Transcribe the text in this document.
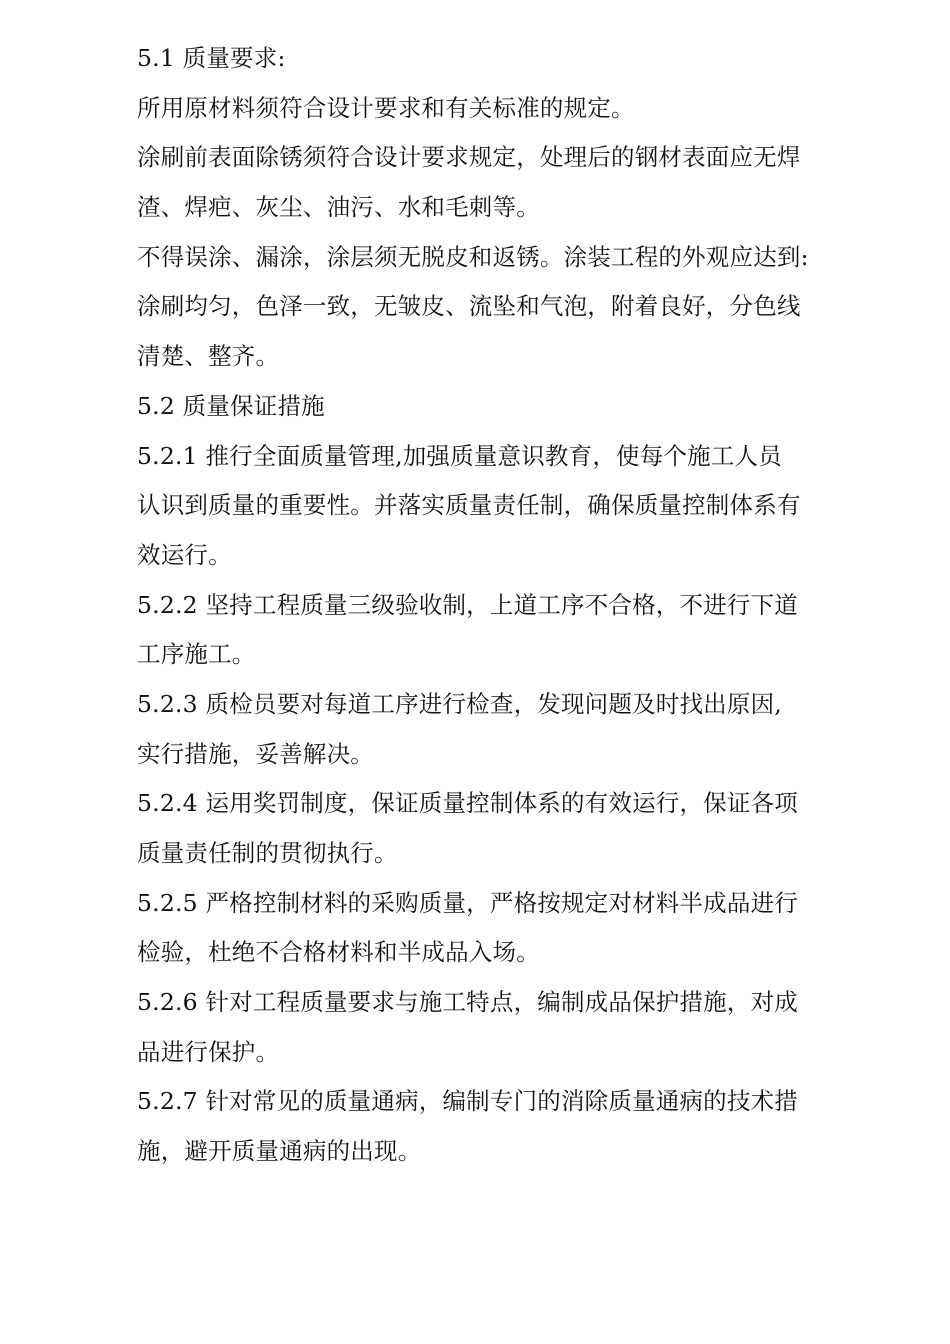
5.1 质量要求:
所用原材料须符合设计要求和有关标准的规定。
涂刷前表面除锈须符合设计要求规定，处理后的钢材表面应无焊
渣、焊疤、灰尘、油污、水和毛刺等。
不得误涂、漏涂，涂层须无脱皮和返锈。涂装工程的外观应达到:
涂刷均匀，色泽一致，无皱皮、流坠和气泡，附着良好，分色线
清楚、整齐。
5.2 质量保证措施
5.2.1 推行全面质量管理,加强质量意识教育，使每个施工人员
认识到质量的重要性。并落实质量责任制，确保质量控制体系有
效运行。
5.2.2 坚持工程质量三级验收制，上道工序不合格，不进行下道
工序施工。
5.2.3 质检员要对每道工序进行检查，发现问题及时找出原因,
实行措施，妥善解决。
5.2.4 运用奖罚制度，保证质量控制体系的有效运行，保证各项
质量责任制的贯彻执行。
5.2.5 严格控制材料的采购质量，严格按规定对材料半成品进行
检验，杜绝不合格材料和半成品入场。
5.2.6 针对工程质量要求与施工特点，编制成品保护措施，对成
品进行保护。
5.2.7 针对常见的质量通病，编制专门的消除质量通病的技术措
施，避开质量通病的出现。
